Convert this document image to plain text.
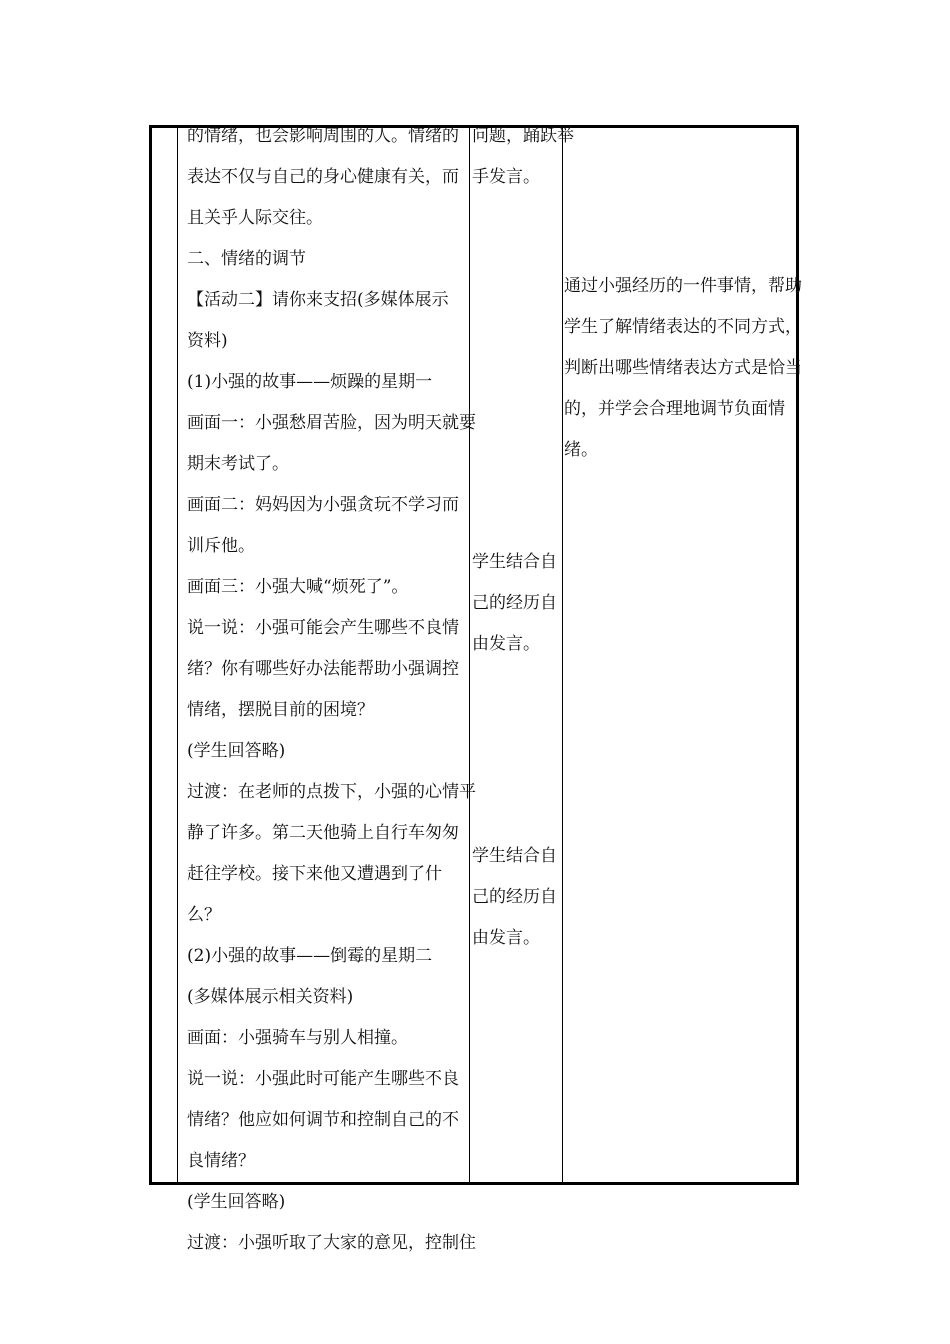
的情绪，也会影响周围的人。情绪的
表达不仅与自己的身心健康有关，而
且关乎人际交往。
二、情绪的调节
【活动二】请你来支招(多媒体展示
资料)
(1)小强的故事——烦躁的星期一
画面一：小强愁眉苦脸，因为明天就要
期末考试了。
画面二：妈妈因为小强贪玩不学习而
训斥他。
画面三：小强大喊“烦死了”。
说一说：小强可能会产生哪些不良情
绪？你有哪些好办法能帮助小强调控
情绪，摆脱目前的困境？
(学生回答略)
过渡：在老师的点拨下，小强的心情平
静了许多。第二天他骑上自行车匆匆
赶往学校。接下来他又遭遇到了什
么？
(2)小强的故事——倒霉的星期二
(多媒体展示相关资料)
画面：小强骑车与别人相撞。
说一说：小强此时可能产生哪些不良
情绪？他应如何调节和控制自己的不
良情绪？
(学生回答略)
过渡：小强听取了大家的意见，控制住
问题，踊跃举
手发言。
学生结合自
己的经历自
由发言。
学生结合自
己的经历自
由发言。
通过小强经历的一件事情，帮助
学生了解情绪表达的不同方式，
判断出哪些情绪表达方式是恰当
的，并学会合理地调节负面情
绪。
